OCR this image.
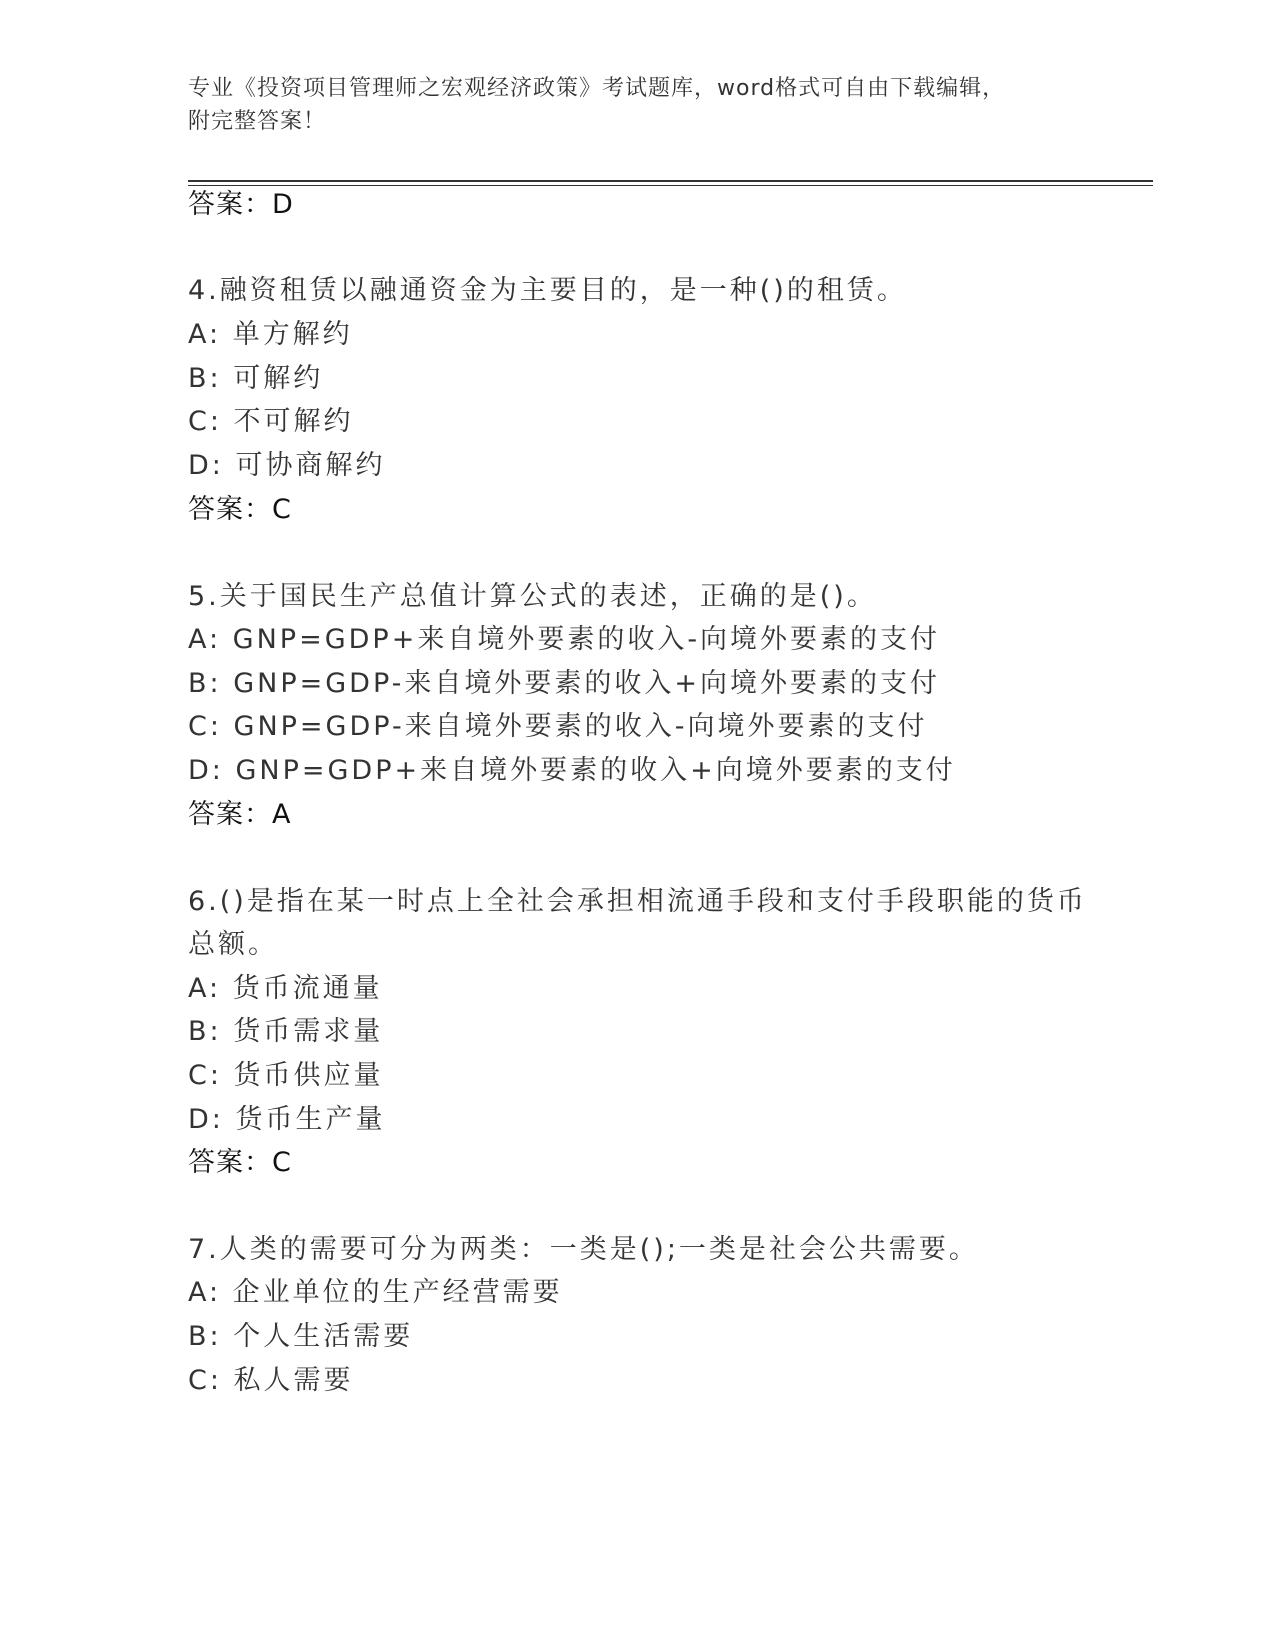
专业《投资项目管理师之宏观经济政策》考试题库，word格式可自由下载编辑，
附完整答案！
答案：D
4.融资租赁以融通资金为主要目的，是一种()的租赁。
A: 单方解约
B: 可解约
C: 不可解约
D: 可协商解约
答案：C
5.关于国民生产总值计算公式的表述，正确的是()。
A: GNP=GDP+来自境外要素的收入-向境外要素的支付
B: GNP=GDP-来自境外要素的收入+向境外要素的支付
C: GNP=GDP-来自境外要素的收入-向境外要素的支付
D: GNP=GDP+来自境外要素的收入+向境外要素的支付
答案：A
6.()是指在某一时点上全社会承担相流通手段和支付手段职能的货币
总额。
A: 货币流通量
B: 货币需求量
C: 货币供应量
D: 货币生产量
答案：C
7.人类的需要可分为两类：一类是();一类是社会公共需要。
A: 企业单位的生产经营需要
B: 个人生活需要
C: 私人需要
